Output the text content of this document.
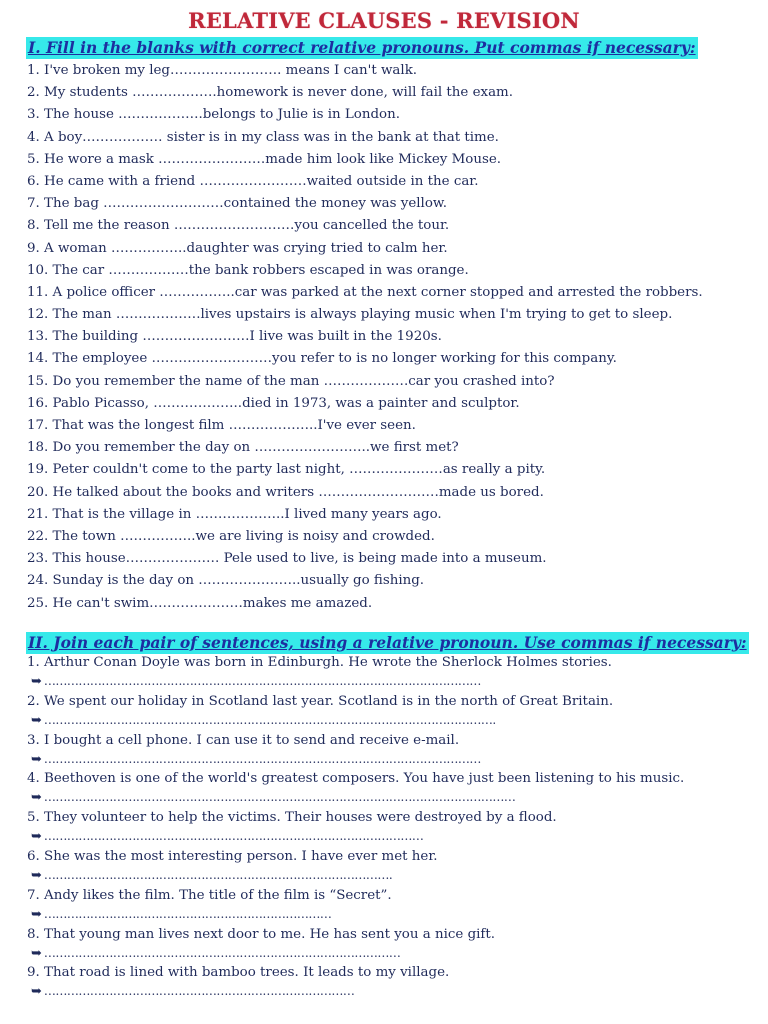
RELATIVE CLAUSES - REVISION
I. Fill in the blanks with correct relative pronouns. Put commas if necessary:
1. I've broken my leg……………………. means I can't walk.
2. My students ……………….homework is never done, will fail the exam.
3. The house ……………….belongs to Julie is in London.
4. A boy……………… sister is in my class was in the bank at that time.
5. He wore a mask ……………………made him look like Mickey Mouse.
6. He came with a friend ……………………waited outside in the car.
7. The bag ………………………contained the money was yellow.
8. Tell me the reason ………………………you cancelled the tour.
9. A woman ……………..daughter was crying tried to calm her.
10. The car ………………the bank robbers escaped in was orange.
11. A police officer ……………..car was parked at the next corner stopped and arrested the robbers.
12. The man ……………….lives upstairs is always playing music when I'm trying to get to sleep.
13. The building ……………………I live was built in the 1920s.
14. The employee ………………………you refer to is no longer working for this company.
15. Do you remember the name of the man ……………….car you crashed into?
16. Pablo Picasso, ………………..died in 1973, was a painter and sculptor.
17. That was the longest film ………………..I've ever seen.
18. Do you remember the day on ……………………..we first met?
19. Peter couldn't come to the party last night, …………………as really a pity.
20. He talked about the books and writers ………………………made us bored.
21. That is the village in ………………..I lived many years ago.
22. The town ……………..we are living is noisy and crowded.
23. This house………………… Pele used to live, is being made into a museum.
24. Sunday is the day on …………………..usually go fishing.
25. He can't swim…………………makes me amazed.
II. Join each pair of sentences, using a relative pronoun. Use commas if necessary:
1. Arthur Conan Doyle was born in Edinburgh. He wrote the Sherlock Holmes stories.
➥ ……………………………………………………………………………………………………
2. We spent our holiday in Scotland last year. Scotland is in the north of Great Britain.
➥ ……………………………………………………………………………………………………….
3. I bought a cell phone. I can use it to send and receive e-mail.
➥ ……………………………………………………………………………………………………
4. Beethoven is one of the world's greatest composers. You have just been listening to his music.
➥ ……………………………………………………………………………………………………………
5. They volunteer to help the victims. Their houses were destroyed by a flood.
➥ ………………………………………………………………………………………
6. She was the most interesting person. I have ever met her.
➥ ……………………………………………………………………………….
7. Andy likes the film. The title of the film is “Secret”.
➥ …………………………………………………………………
8. That young man lives next door to me. He has sent you a nice gift.
➥ …………………………………………………………………………………
9. That road is lined with bamboo trees. It leads to my village.
➥ ………………………………………………………………………
